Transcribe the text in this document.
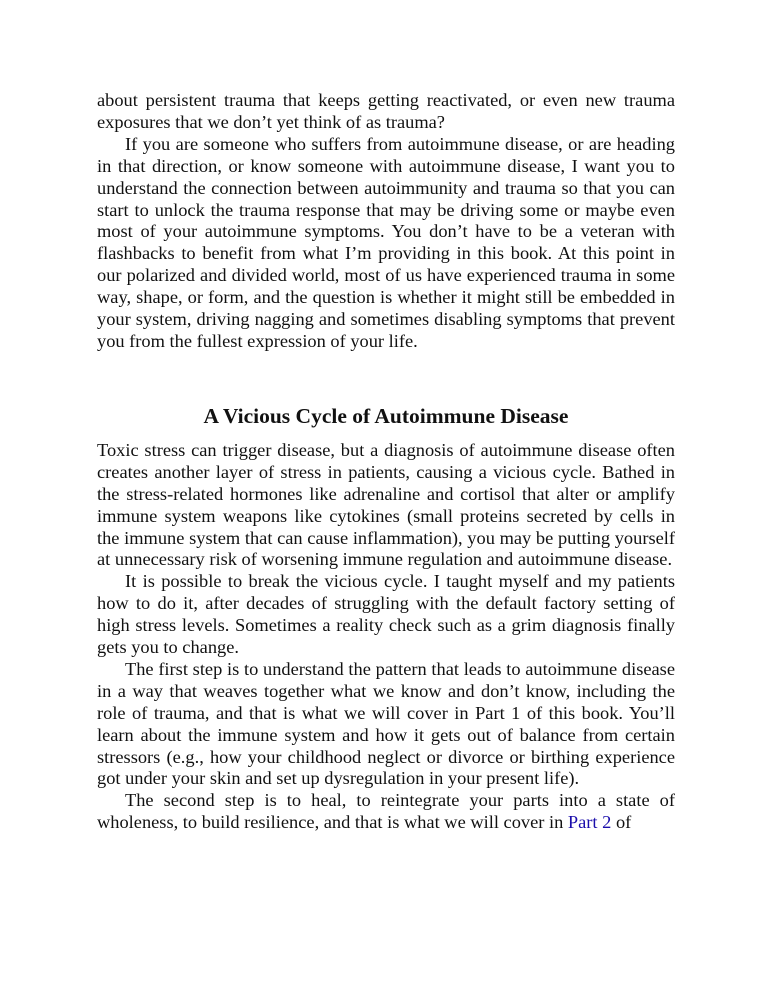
about persistent trauma that keeps getting reactivated, or even new trauma exposures that we don’t yet think of as trauma?

If you are someone who suffers from autoimmune disease, or are heading in that direction, or know someone with autoimmune disease, I want you to understand the connection between autoimmunity and trauma so that you can start to unlock the trauma response that may be driving some or maybe even most of your autoimmune symptoms. You don’t have to be a veteran with flashbacks to benefit from what I’m providing in this book. At this point in our polarized and divided world, most of us have experienced trauma in some way, shape, or form, and the question is whether it might still be embedded in your system, driving nagging and sometimes disabling symptoms that prevent you from the fullest expression of your life.

A Vicious Cycle of Autoimmune Disease

Toxic stress can trigger disease, but a diagnosis of autoimmune disease often creates another layer of stress in patients, causing a vicious cycle. Bathed in the stress-related hormones like adrenaline and cortisol that alter or amplify immune system weapons like cytokines (small proteins secreted by cells in the immune system that can cause inflammation), you may be putting yourself at unnecessary risk of worsening immune regulation and autoimmune disease.

It is possible to break the vicious cycle. I taught myself and my patients how to do it, after decades of struggling with the default factory setting of high stress levels. Sometimes a reality check such as a grim diagnosis finally gets you to change.

The first step is to understand the pattern that leads to autoimmune disease in a way that weaves together what we know and don’t know, including the role of trauma, and that is what we will cover in Part 1 of this book. You’ll learn about the immune system and how it gets out of balance from certain stressors (e.g., how your childhood neglect or divorce or birthing experience got under your skin and set up dysregulation in your present life).

The second step is to heal, to reintegrate your parts into a state of wholeness, to build resilience, and that is what we will cover in Part 2 of
